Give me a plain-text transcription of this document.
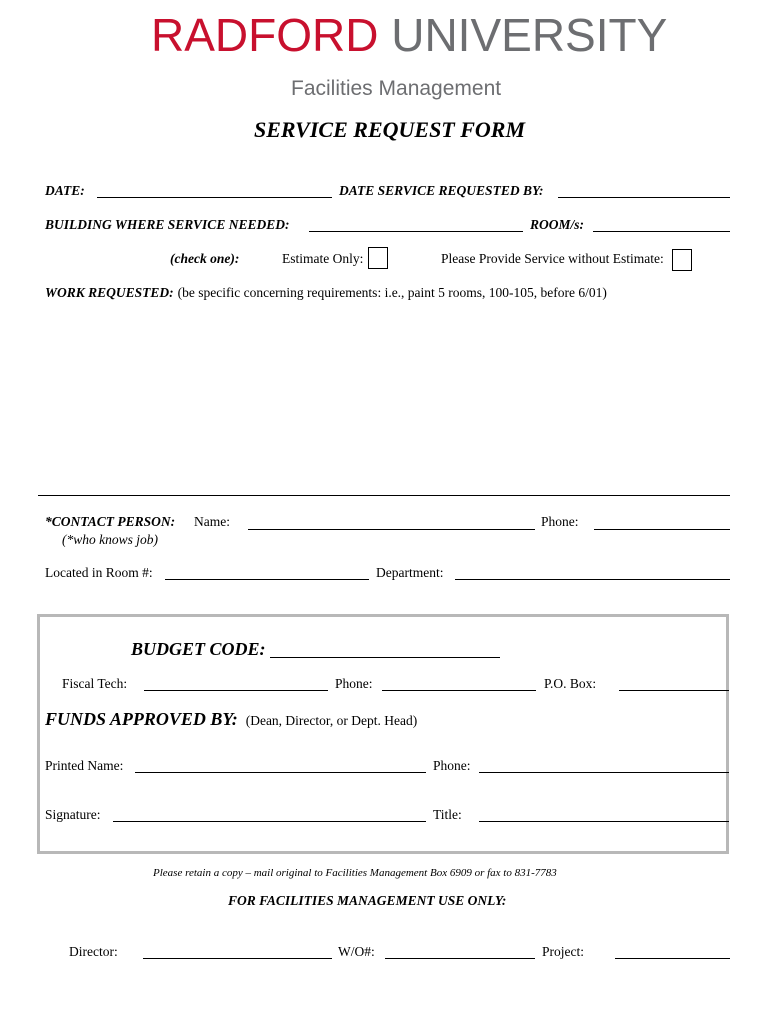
RADFORD UNIVERSITY
Facilities Management
SERVICE REQUEST FORM
DATE:	DATE SERVICE REQUESTED BY:
BUILDING WHERE SERVICE NEEDED:	ROOM/s:
(check one):	Estimate Only:	Please Provide Service without Estimate:
WORK REQUESTED: (be specific concerning requirements: i.e., paint 5 rooms, 100-105, before 6/01)
*CONTACT PERSON:
(*who knows job)
Name:	Phone:
Located in Room #:	Department:
BUDGET CODE:
Fiscal Tech:	Phone:	P.O. Box:
FUNDS APPROVED BY: (Dean, Director, or Dept. Head)
Printed Name:	Phone:
Signature:	Title:
Please retain a copy – mail original to Facilities Management Box 6909 or fax to 831-7783
FOR FACILITIES MANAGEMENT USE ONLY:
Director:	W/O#:	Project:
